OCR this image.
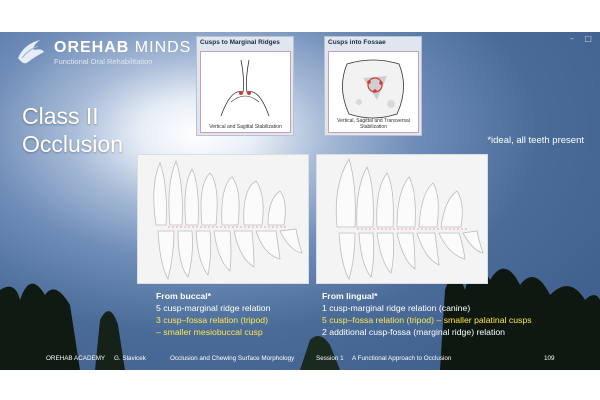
– □
OREHAB MINDS
Functional Oral Rehabilitation
Class II
Occlusion	*ideal, all teeth present
Cusps to Marginal Ridges
Vertical and Sagittal Stabilization
Cusps into Fossae
Vertical, Sagittal and Transversal Stabilization
From buccal*
5 cusp-marginal ridge relation
3 cusp–fossa relation (tripod)
– smaller mesiobuccal cusp
From lingual*
1 cusp-marginal ridge relation (canine)
5 cusp–fossa relation (tripod) – smaller palatinal cusps
2 additional cusp-fossa (marginal ridge) relation
OREHAB ACADEMY G. Slavicek	Occlusion and Chewing Surface Morphology	Session 1 A Functional Approach to Occlusion	109
